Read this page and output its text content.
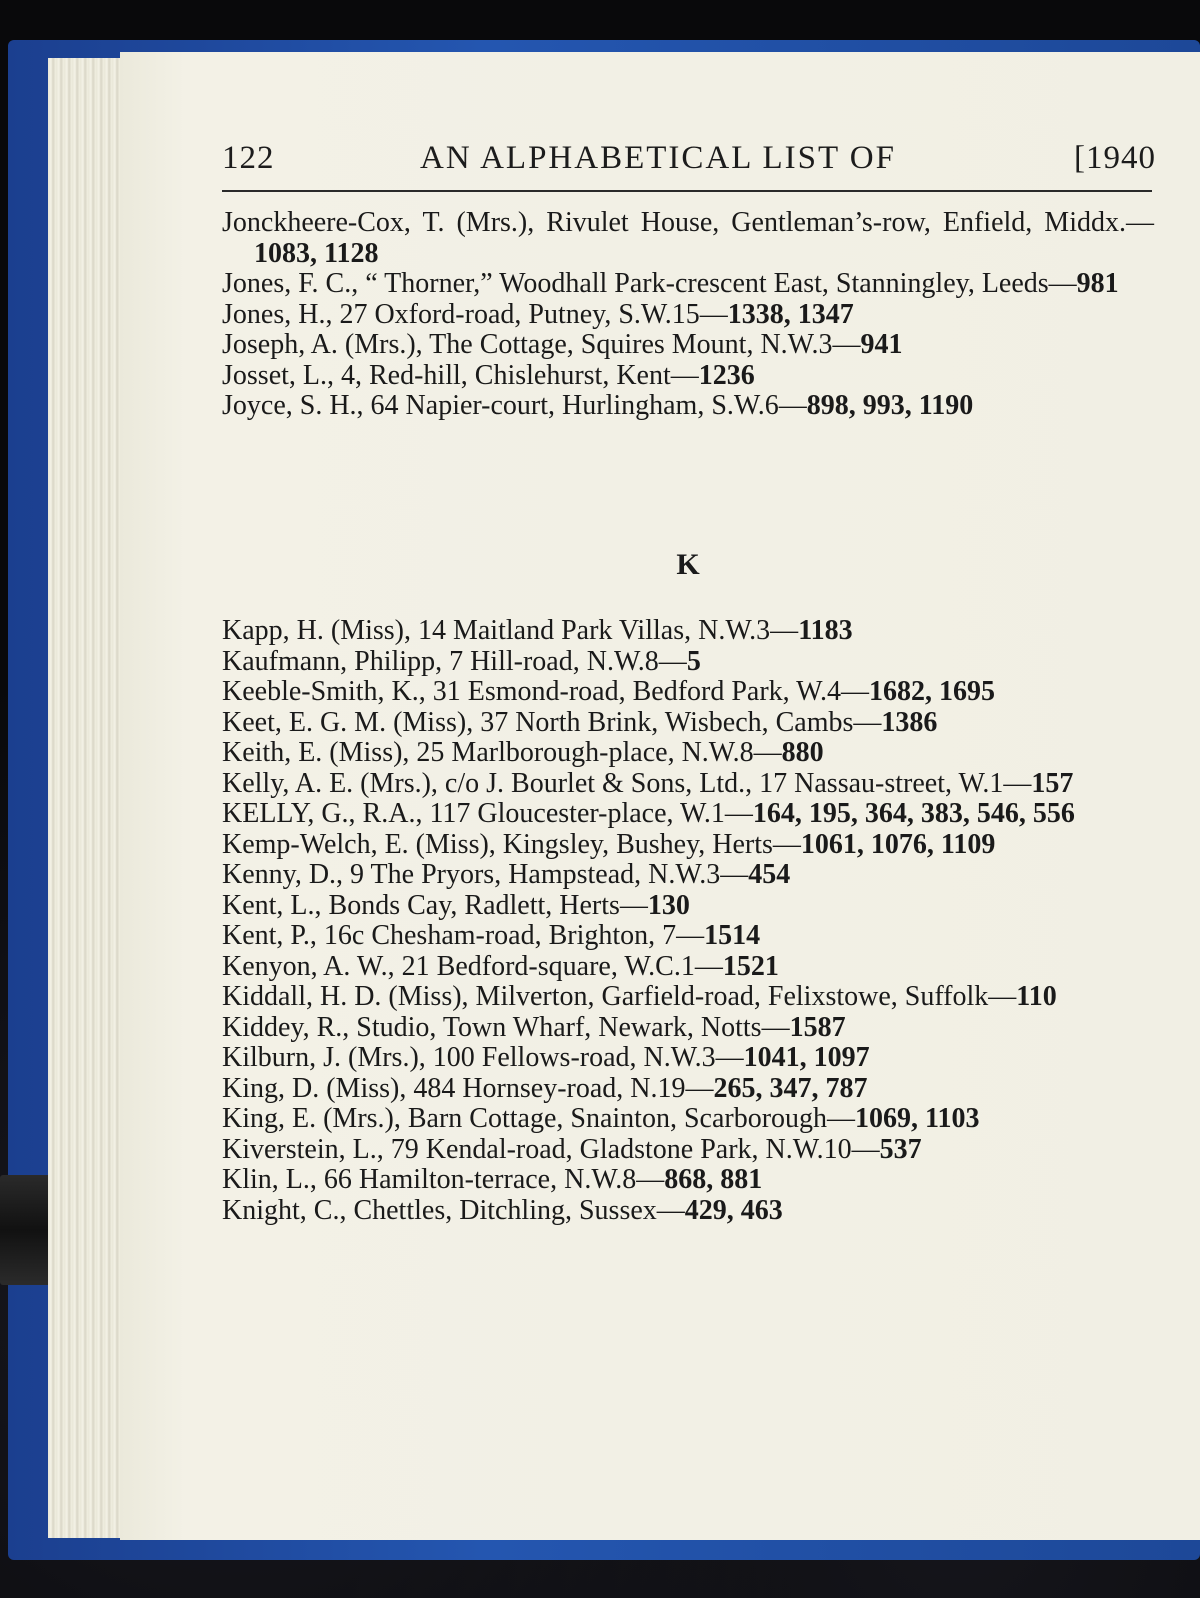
122	AN ALPHABETICAL LIST OF	[1940
Jonckheere-Cox, T. (Mrs.), Rivulet House, Gentleman’s-row, Enfield, Middx.—1083, 1128
Jones, F. C., “ Thorner,” Woodhall Park-crescent East, Stanningley, Leeds—981
Jones, H., 27 Oxford-road, Putney, S.W.15—1338, 1347
Joseph, A. (Mrs.), The Cottage, Squires Mount, N.W.3—941
Josset, L., 4, Red-hill, Chislehurst, Kent—1236
Joyce, S. H., 64 Napier-court, Hurlingham, S.W.6—898, 993, 1190
K
Kapp, H. (Miss), 14 Maitland Park Villas, N.W.3—1183
Kaufmann, Philipp, 7 Hill-road, N.W.8—5
Keeble-Smith, K., 31 Esmond-road, Bedford Park, W.4—1682, 1695
Keet, E. G. M. (Miss), 37 North Brink, Wisbech, Cambs—1386
Keith, E. (Miss), 25 Marlborough-place, N.W.8—880
Kelly, A. E. (Mrs.), c/o J. Bourlet & Sons, Ltd., 17 Nassau-street, W.1—157
KELLY, G., R.A., 117 Gloucester-place, W.1—164, 195, 364, 383, 546, 556
Kemp-Welch, E. (Miss), Kingsley, Bushey, Herts—1061, 1076, 1109
Kenny, D., 9 The Pryors, Hampstead, N.W.3—454
Kent, L., Bonds Cay, Radlett, Herts—130
Kent, P., 16c Chesham-road, Brighton, 7—1514
Kenyon, A. W., 21 Bedford-square, W.C.1—1521
Kiddall, H. D. (Miss), Milverton, Garfield-road, Felixstowe, Suffolk—110
Kiddey, R., Studio, Town Wharf, Newark, Notts—1587
Kilburn, J. (Mrs.), 100 Fellows-road, N.W.3—1041, 1097
King, D. (Miss), 484 Hornsey-road, N.19—265, 347, 787
King, E. (Mrs.), Barn Cottage, Snainton, Scarborough—1069, 1103
Kiverstein, L., 79 Kendal-road, Gladstone Park, N.W.10—537
Klin, L., 66 Hamilton-terrace, N.W.8—868, 881
Knight, C., Chettles, Ditchling, Sussex—429, 463
